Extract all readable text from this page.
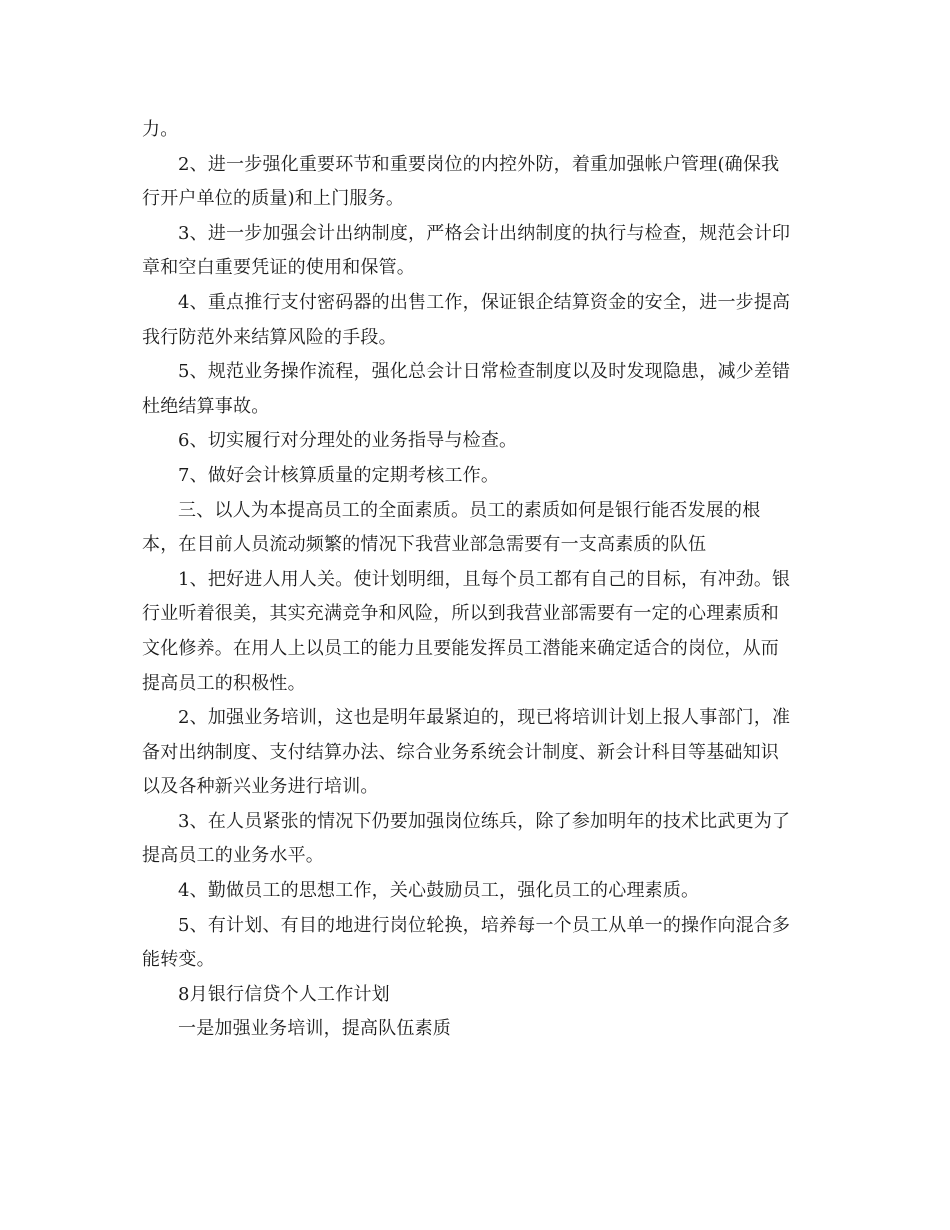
力。
2、进一步强化重要环节和重要岗位的内控外防，着重加强帐户管理(确保我
行开户单位的质量)和上门服务。
3、进一步加强会计出纳制度，严格会计出纳制度的执行与检查，规范会计印
章和空白重要凭证的使用和保管。
4、重点推行支付密码器的出售工作，保证银企结算资金的安全，进一步提高
我行防范外来结算风险的手段。
5、规范业务操作流程，强化总会计日常检查制度以及时发现隐患，减少差错
杜绝结算事故。
6、切实履行对分理处的业务指导与检查。
7、做好会计核算质量的定期考核工作。
三、以人为本提高员工的全面素质。员工的素质如何是银行能否发展的根
本，在目前人员流动频繁的情况下我营业部急需要有一支高素质的队伍
1、把好进人用人关。使计划明细，且每个员工都有自己的目标，有冲劲。银
行业听着很美，其实充满竞争和风险，所以到我营业部需要有一定的心理素质和
文化修养。在用人上以员工的能力且要能发挥员工潜能来确定适合的岗位，从而
提高员工的积极性。
2、加强业务培训，这也是明年最紧迫的，现已将培训计划上报人事部门，准
备对出纳制度、支付结算办法、综合业务系统会计制度、新会计科目等基础知识
以及各种新兴业务进行培训。
3、在人员紧张的情况下仍要加强岗位练兵，除了参加明年的技术比武更为了
提高员工的业务水平。
4、勤做员工的思想工作，关心鼓励员工，强化员工的心理素质。
5、有计划、有目的地进行岗位轮换，培养每一个员工从单一的操作向混合多
能转变。
8月银行信贷个人工作计划
一是加强业务培训，提高队伍素质
